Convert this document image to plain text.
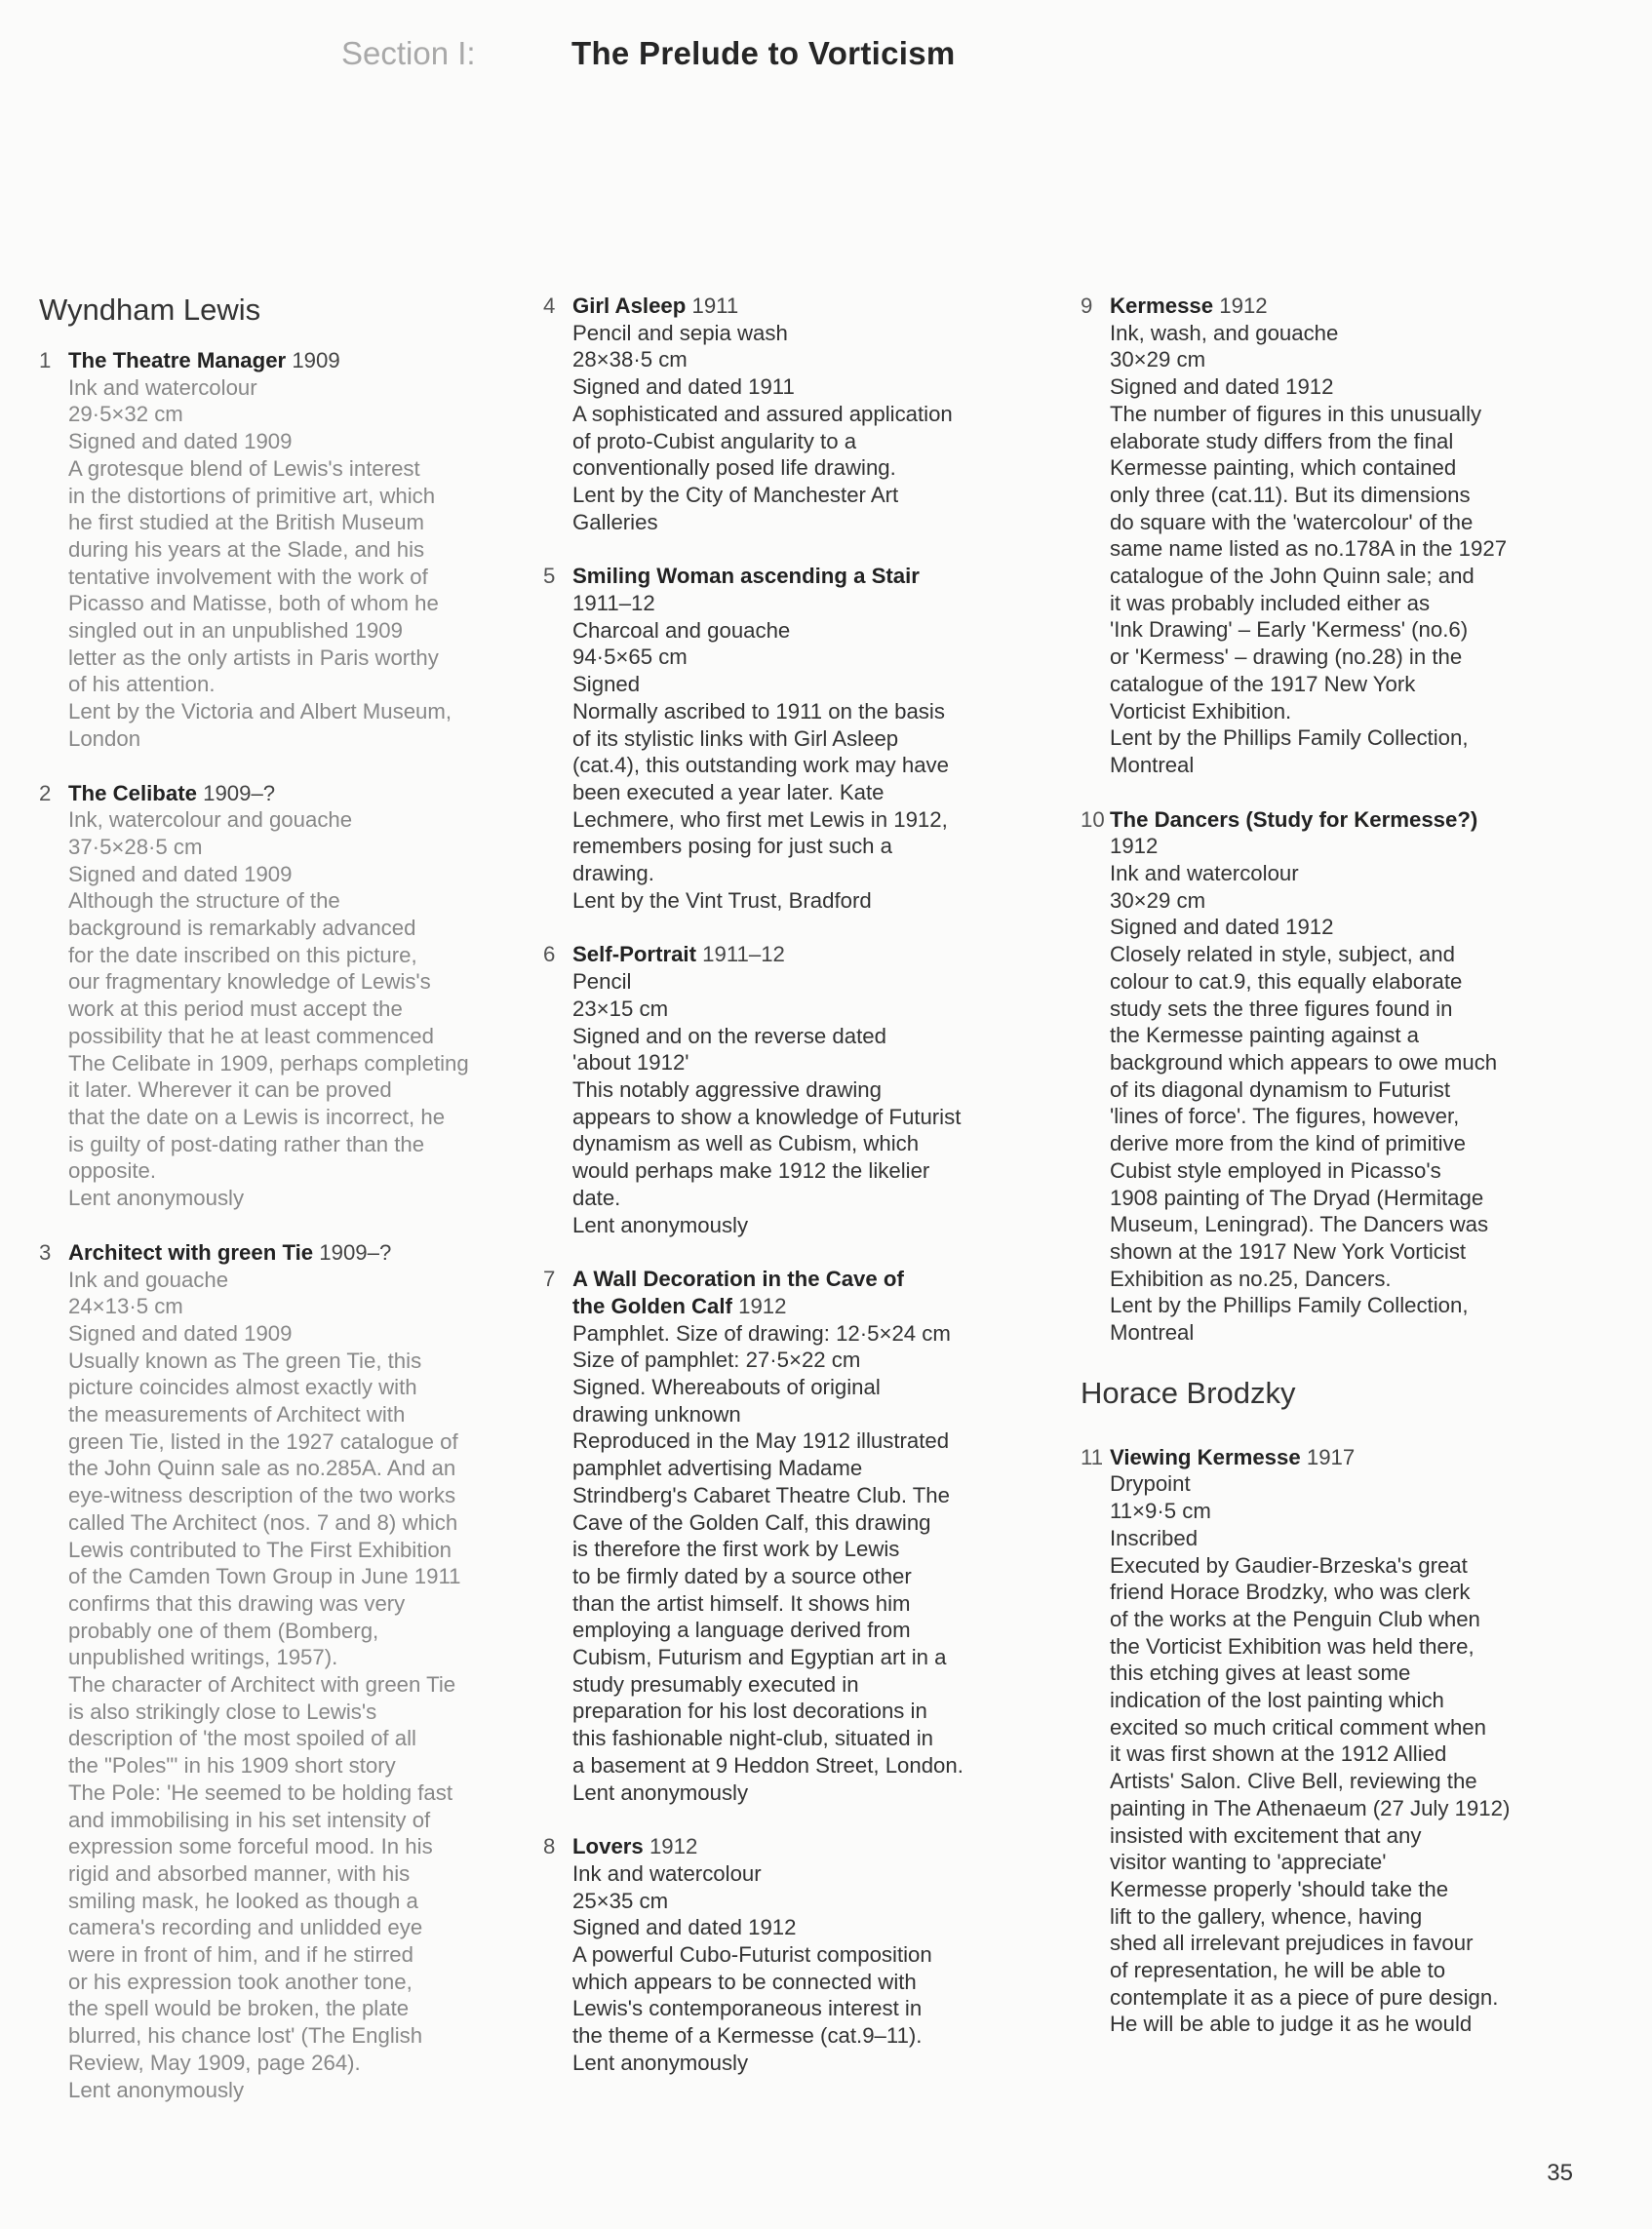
Section I:	The Prelude to Vorticism
Wyndham Lewis
1 The Theatre Manager 1909
Ink and watercolour
29·5×32 cm
Signed and dated 1909
A grotesque blend of Lewis's interest
in the distortions of primitive art, which
he first studied at the British Museum
during his years at the Slade, and his
tentative involvement with the work of
Picasso and Matisse, both of whom he
singled out in an unpublished 1909
letter as the only artists in Paris worthy
of his attention.
Lent by the Victoria and Albert Museum,
London
2 The Celibate 1909–?
Ink, watercolour and gouache
37·5×28·5 cm
Signed and dated 1909
Although the structure of the
background is remarkably advanced
for the date inscribed on this picture,
our fragmentary knowledge of Lewis's
work at this period must accept the
possibility that he at least commenced
The Celibate in 1909, perhaps completing
it later. Wherever it can be proved
that the date on a Lewis is incorrect, he
is guilty of post-dating rather than the
opposite.
Lent anonymously
3 Architect with green Tie 1909–?
Ink and gouache
24×13·5 cm
Signed and dated 1909
Usually known as The green Tie, this
picture coincides almost exactly with
the measurements of Architect with
green Tie, listed in the 1927 catalogue of
the John Quinn sale as no.285A. And an
eye-witness description of the two works
called The Architect (nos. 7 and 8) which
Lewis contributed to The First Exhibition
of the Camden Town Group in June 1911
confirms that this drawing was very
probably one of them (Bomberg,
unpublished writings, 1957).
The character of Architect with green Tie
is also strikingly close to Lewis's
description of 'the most spoiled of all
the "Poles"' in his 1909 short story
The Pole: 'He seemed to be holding fast
and immobilising in his set intensity of
expression some forceful mood. In his
rigid and absorbed manner, with his
smiling mask, he looked as though a
camera's recording and unlidded eye
were in front of him, and if he stirred
or his expression took another tone,
the spell would be broken, the plate
blurred, his chance lost' (The English
Review, May 1909, page 264).
Lent anonymously
4 Girl Asleep 1911
Pencil and sepia wash
28×38·5 cm
Signed and dated 1911
A sophisticated and assured application
of proto-Cubist angularity to a
conventionally posed life drawing.
Lent by the City of Manchester Art
Galleries
5 Smiling Woman ascending a Stair
1911–12
Charcoal and gouache
94·5×65 cm
Signed
Normally ascribed to 1911 on the basis
of its stylistic links with Girl Asleep
(cat.4), this outstanding work may have
been executed a year later. Kate
Lechmere, who first met Lewis in 1912,
remembers posing for just such a
drawing.
Lent by the Vint Trust, Bradford
6 Self-Portrait 1911–12
Pencil
23×15 cm
Signed and on the reverse dated
'about 1912'
This notably aggressive drawing
appears to show a knowledge of Futurist
dynamism as well as Cubism, which
would perhaps make 1912 the likelier
date.
Lent anonymously
7 A Wall Decoration in the Cave of
the Golden Calf 1912
Pamphlet. Size of drawing: 12·5×24 cm
Size of pamphlet: 27·5×22 cm
Signed. Whereabouts of original
drawing unknown
Reproduced in the May 1912 illustrated
pamphlet advertising Madame
Strindberg's Cabaret Theatre Club. The
Cave of the Golden Calf, this drawing
is therefore the first work by Lewis
to be firmly dated by a source other
than the artist himself. It shows him
employing a language derived from
Cubism, Futurism and Egyptian art in a
study presumably executed in
preparation for his lost decorations in
this fashionable night-club, situated in
a basement at 9 Heddon Street, London.
Lent anonymously
8 Lovers 1912
Ink and watercolour
25×35 cm
Signed and dated 1912
A powerful Cubo-Futurist composition
which appears to be connected with
Lewis's contemporaneous interest in
the theme of a Kermesse (cat.9–11).
Lent anonymously
9 Kermesse 1912
Ink, wash, and gouache
30×29 cm
Signed and dated 1912
The number of figures in this unusually
elaborate study differs from the final
Kermesse painting, which contained
only three (cat.11). But its dimensions
do square with the 'watercolour' of the
same name listed as no.178A in the 1927
catalogue of the John Quinn sale; and
it was probably included either as
'Ink Drawing' – Early 'Kermess' (no.6)
or 'Kermess' – drawing (no.28) in the
catalogue of the 1917 New York
Vorticist Exhibition.
Lent by the Phillips Family Collection,
Montreal
10 The Dancers (Study for Kermesse?)
1912
Ink and watercolour
30×29 cm
Signed and dated 1912
Closely related in style, subject, and
colour to cat.9, this equally elaborate
study sets the three figures found in
the Kermesse painting against a
background which appears to owe much
of its diagonal dynamism to Futurist
'lines of force'. The figures, however,
derive more from the kind of primitive
Cubist style employed in Picasso's
1908 painting of The Dryad (Hermitage
Museum, Leningrad). The Dancers was
shown at the 1917 New York Vorticist
Exhibition as no.25, Dancers.
Lent by the Phillips Family Collection,
Montreal
Horace Brodzky
11 Viewing Kermesse 1917
Drypoint
11×9·5 cm
Inscribed
Executed by Gaudier-Brzeska's great
friend Horace Brodzky, who was clerk
of the works at the Penguin Club when
the Vorticist Exhibition was held there,
this etching gives at least some
indication of the lost painting which
excited so much critical comment when
it was first shown at the 1912 Allied
Artists' Salon. Clive Bell, reviewing the
painting in The Athenaeum (27 July 1912)
insisted with excitement that any
visitor wanting to 'appreciate'
Kermesse properly 'should take the
lift to the gallery, whence, having
shed all irrelevant prejudices in favour
of representation, he will be able to
contemplate it as a piece of pure design.
He will be able to judge it as he would
35
